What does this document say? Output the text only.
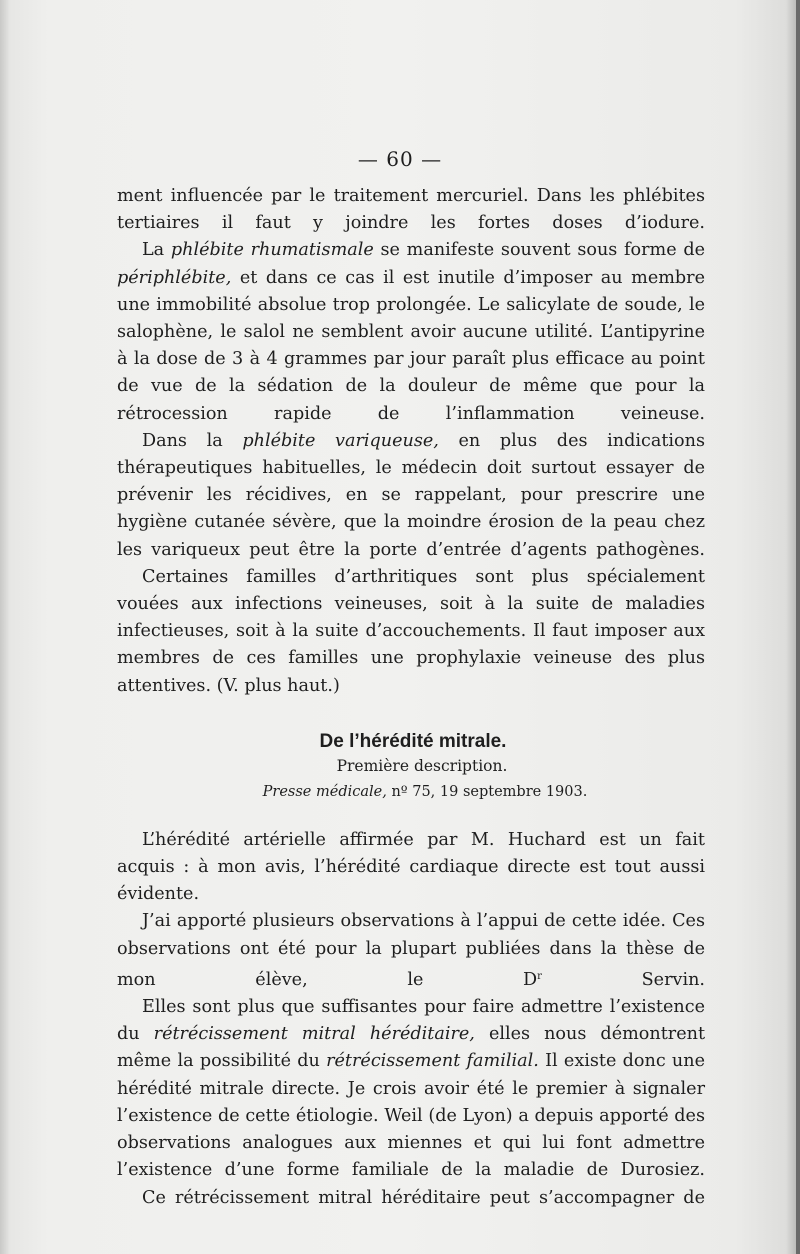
— 60 —

ment influencée par le traitement mercuriel. Dans les phlébites tertiaires il faut y joindre les fortes doses d’iodure.

La phlébite rhumatismale se manifeste souvent sous forme de périphlébite, et dans ce cas il est inutile d’imposer au membre une immobilité absolue trop prolongée. Le salicylate de soude, le salophène, le salol ne semblent avoir aucune utilité. L’antipyrine à la dose de 3 à 4 grammes par jour paraît plus efficace au point de vue de la sédation de la douleur de même que pour la rétrocession rapide de l’inflammation veineuse.

Dans la phlébite variqueuse, en plus des indications thérapeutiques habituelles, le médecin doit surtout essayer de prévenir les récidives, en se rappelant, pour prescrire une hygiène cutanée sévère, que la moindre érosion de la peau chez les variqueux peut être la porte d’entrée d’agents pathogènes.

Certaines familles d’arthritiques sont plus spécialement vouées aux infections veineuses, soit à la suite de maladies infectieuses, soit à la suite d’accouchements. Il faut imposer aux membres de ces familles une prophylaxie veineuse des plus attentives. (V. plus haut.)

De l’hérédité mitrale.
Première description.
Presse médicale, nº 75, 19 septembre 1903.

L’hérédité artérielle affirmée par M. Huchard est un fait acquis : à mon avis, l’hérédité cardiaque directe est tout aussi évidente.

J’ai apporté plusieurs observations à l’appui de cette idée. Ces observations ont été pour la plupart publiées dans la thèse de mon élève, le $D^r$ Servin.

Elles sont plus que suffisantes pour faire admettre l’existence du rétrécissement mitral héréditaire, elles nous démontrent même la possibilité du rétrécissement familial. Il existe donc une hérédité mitrale directe. Je crois avoir été le premier à signaler l’existence de cette étiologie. Weil (de Lyon) a depuis apporté des observations analogues aux miennes et qui lui font admettre l’existence d’une forme familiale de la maladie de Durosiez.

Ce rétrécissement mitral héréditaire peut s’accompagner de
